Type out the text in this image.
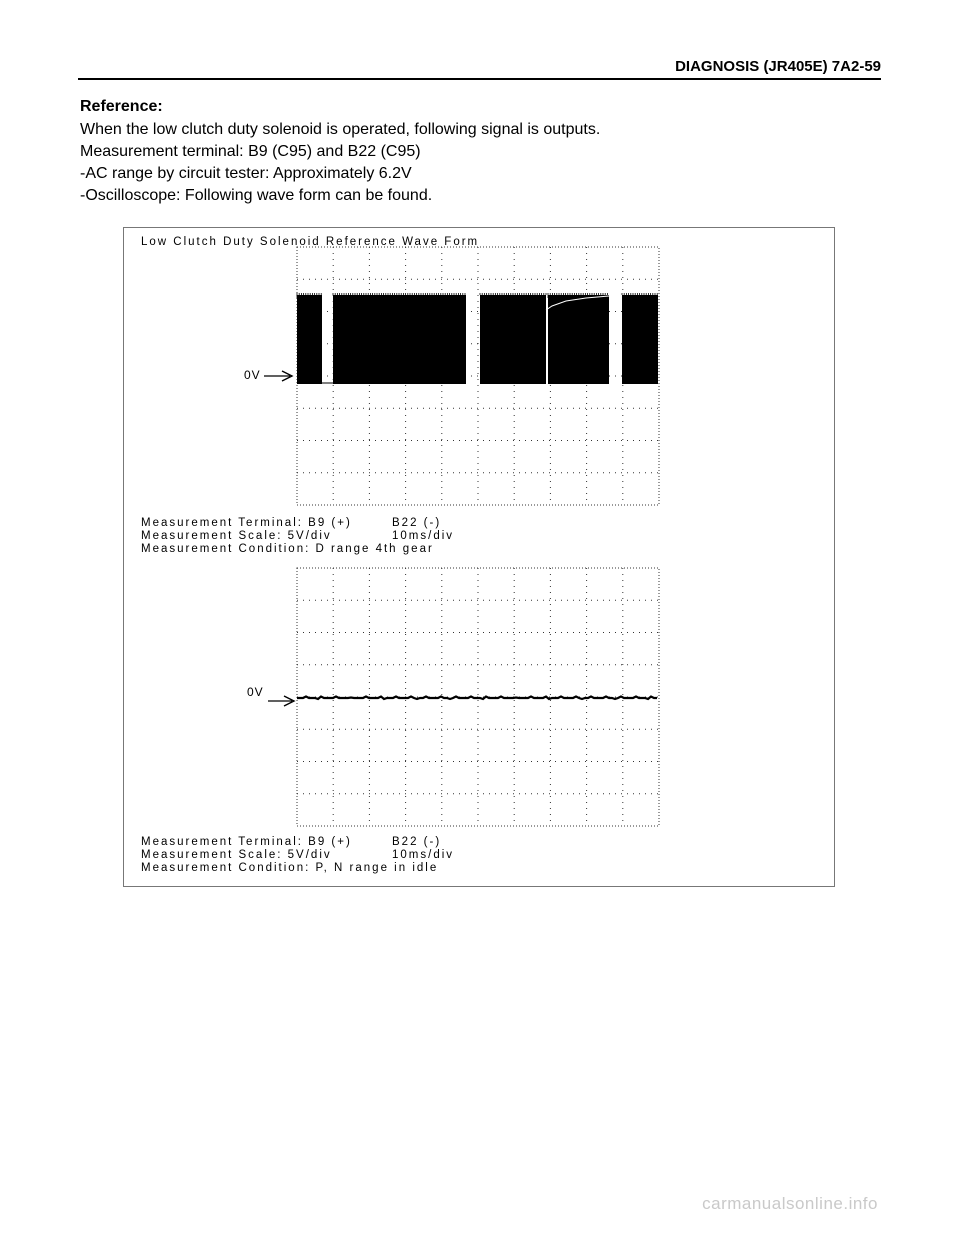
DIAGNOSIS (JR405E) 7A2-59
Reference:
When the low clutch duty solenoid is operated, following signal is outputs.
Measurement terminal: B9 (C95) and B22 (C95)
-AC range by circuit tester: Approximately 6.2V
-Oscilloscope: Following wave form can be found.
Low Clutch Duty Solenoid Reference Wave Form
0V
Measurement Terminal: B9 (+)	B22 (-)
Measurement Scale: 5V/div	10ms/div
Measurement Condition: D range 4th gear
0V
Measurement Terminal: B9 (+)	B22 (-)
Measurement Scale: 5V/div	10ms/div
Measurement Condition: P, N range in idle
carmanualsonline.info
